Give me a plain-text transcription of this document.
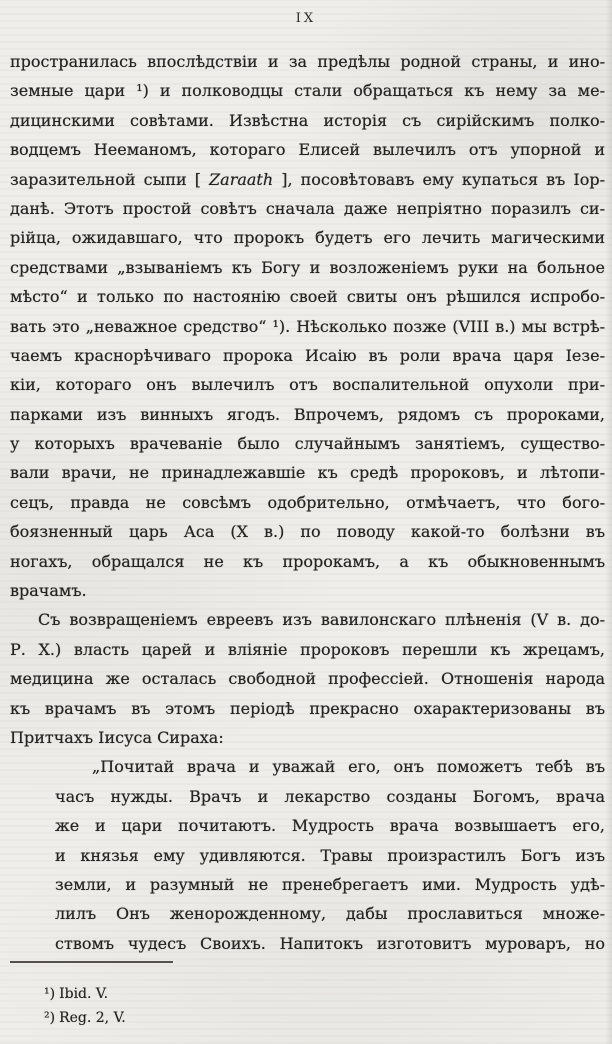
IX
пространилась впослѣдствіи и за предѣлы родной страны, и ино-
земные цари ¹) и полководцы стали обращаться къ нему за ме-
дицинскими совѣтами. Извѣстна исторія съ сирійскимъ полко-
водцемъ Нееманомъ, котораго Елисей вылечилъ отъ упорной и
заразительной сыпи [ Zaraath ], посовѣтовавъ ему купаться въ Іор-
данѣ. Этотъ простой совѣтъ сначала даже непріятно поразилъ си-
рійца, ожидавшаго, что пророкъ будетъ его лечить магическими
средствами „взываніемъ къ Богу и возложеніемъ руки на больное
мѣсто“ и только по настоянію своей свиты онъ рѣшился испробо-
вать это „неважное средство“ ¹). Нѣсколько позже (VIII в.) мы встрѣ-
чаемъ краснорѣчиваго пророка Исаію въ роли врача царя Іезе-
кіи, котораго онъ вылечилъ отъ воспалительной опухоли при-
парками изъ винныхъ ягодъ. Впрочемъ, рядомъ съ пророками,
у которыхъ врачеваніе было случайнымъ занятіемъ, существо-
вали врачи, не принадлежавшіе къ средѣ пророковъ, и лѣтопи-
сецъ, правда не совсѣмъ одобрительно, отмѣчаетъ, что бого-
боязненный царь Аса (X в.) по поводу какой-то болѣзни въ
ногахъ, обращался не къ пророкамъ, а къ обыкновеннымъ
врачамъ.
Съ возвращеніемъ евреевъ изъ вавилонскаго плѣненія (V в. до-
Р. Х.) власть царей и вліяніе пророковъ перешли къ жрецамъ,
медицина же осталась свободной профессіей. Отношенія народа
къ врачамъ въ этомъ періодѣ прекрасно охарактеризованы въ
Притчахъ Іисуса Сираха:
„Почитай врача и уважай его, онъ поможетъ тебѣ въ
часъ нужды. Врачъ и лекарство созданы Богомъ, врача
же и цари почитаютъ. Мудрость врача возвышаетъ его,
и князья ему удивляются. Травы произрастилъ Богъ изъ
земли, и разумный не пренебрегаетъ ими. Мудрость удѣ-
лилъ Онъ женорожденному, дабы прославиться множе-
ствомъ чудесъ Своихъ. Напитокъ изготовитъ муроваръ, но
¹) Ibid. V.
²) Reg. 2, V.
